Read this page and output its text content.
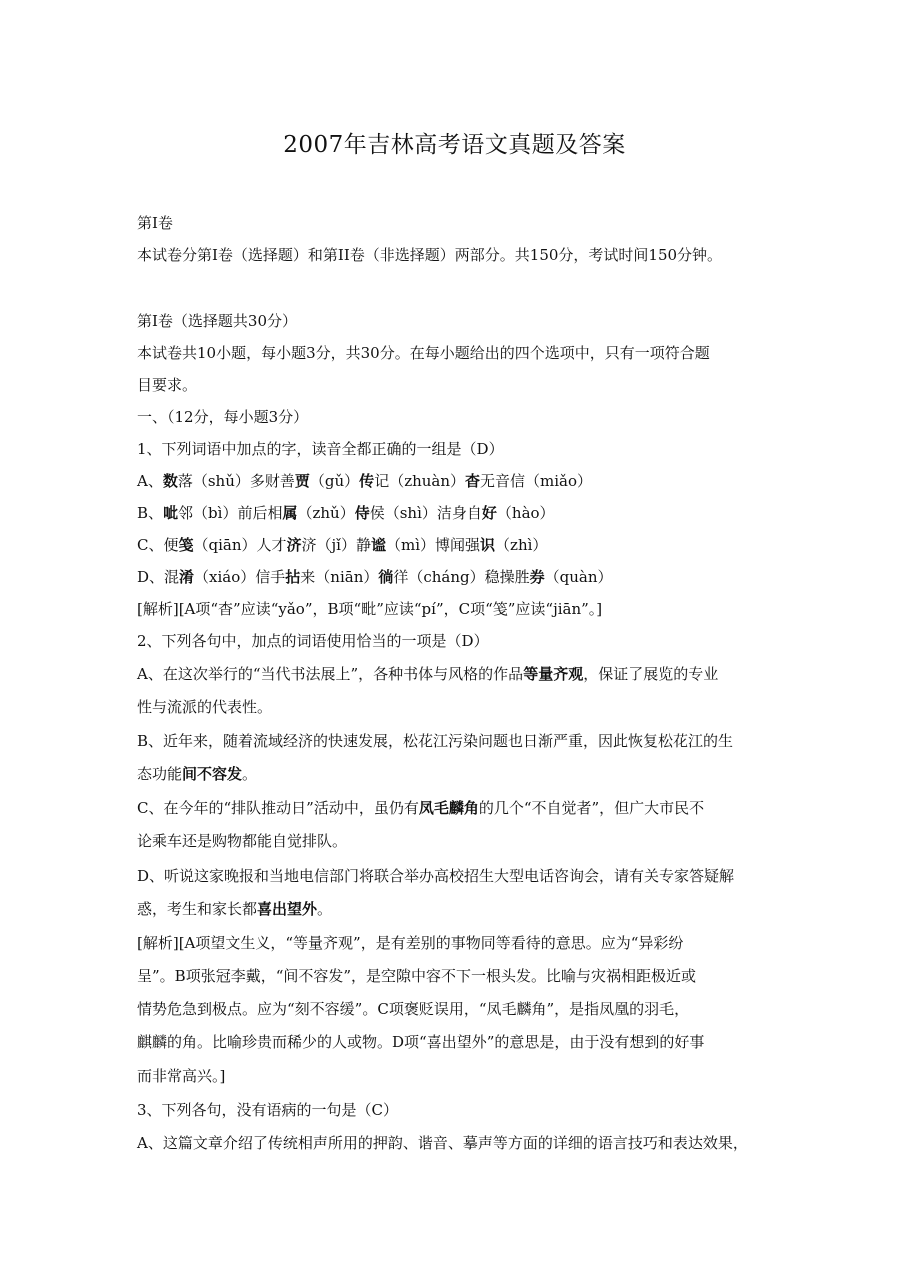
2007年吉林高考语文真题及答案
第Ⅰ卷
本试卷分第Ⅰ卷（选择题）和第II卷（非选择题）两部分。共150分，考试时间150分钟。
第Ⅰ卷（选择题共30分）
本试卷共10小题，每小题3分，共30分。在每小题给出的四个选项中，只有一项符合题
目要求。
一、（12分，每小题3分）
1、下列词语中加点的字，读音全都正确的一组是（D）
A、数落（shǔ）多财善贾（gǔ）传记（zhuàn）杳无音信（miǎo）
B、呲邻（bì）前后相属（zhǔ）侍侯（shì）洁身自好（hào）
C、便笺（qiān）人才济济（jǐ）静谧（mì）博闻强识（zhì）
D、混淆（xiáo）信手拈来（niān）徜徉（cháng）稳操胜券（quàn）
[解析][A项“杳”应读“yǎo”，B项“毗”应读“pí”，C项“笺”应读“jiān”。]
2、下列各句中，加点的词语使用恰当的一项是（D）
A、在这次举行的“当代书法展上”，各种书体与风格的作品等量齐观，保证了展览的专业
性与流派的代表性。
B、近年来，随着流域经济的快速发展，松花江污染问题也日渐严重，因此恢复松花江的生
态功能间不容发。
C、在今年的“排队推动日”活动中，虽仍有凤毛麟角的几个“不自觉者”，但广大市民不
论乘车还是购物都能自觉排队。
D、听说这家晚报和当地电信部门将联合举办高校招生大型电话咨询会，请有关专家答疑解
惑，考生和家长都喜出望外。
[解析][A项望文生义，“等量齐观”，是有差别的事物同等看待的意思。应为“异彩纷
呈”。B项张冠李戴，“间不容发”，是空隙中容不下一根头发。比喻与灾祸相距极近或
情势危急到极点。应为“刻不容缓”。C项褒贬误用，“凤毛麟角”，是指凤凰的羽毛，
麒麟的角。比喻珍贵而稀少的人或物。D项“喜出望外”的意思是，由于没有想到的好事
而非常高兴。]
3、下列各句，没有语病的一句是（C）
A、这篇文章介绍了传统相声所用的押韵、谐音、摹声等方面的详细的语言技巧和表达效果，
